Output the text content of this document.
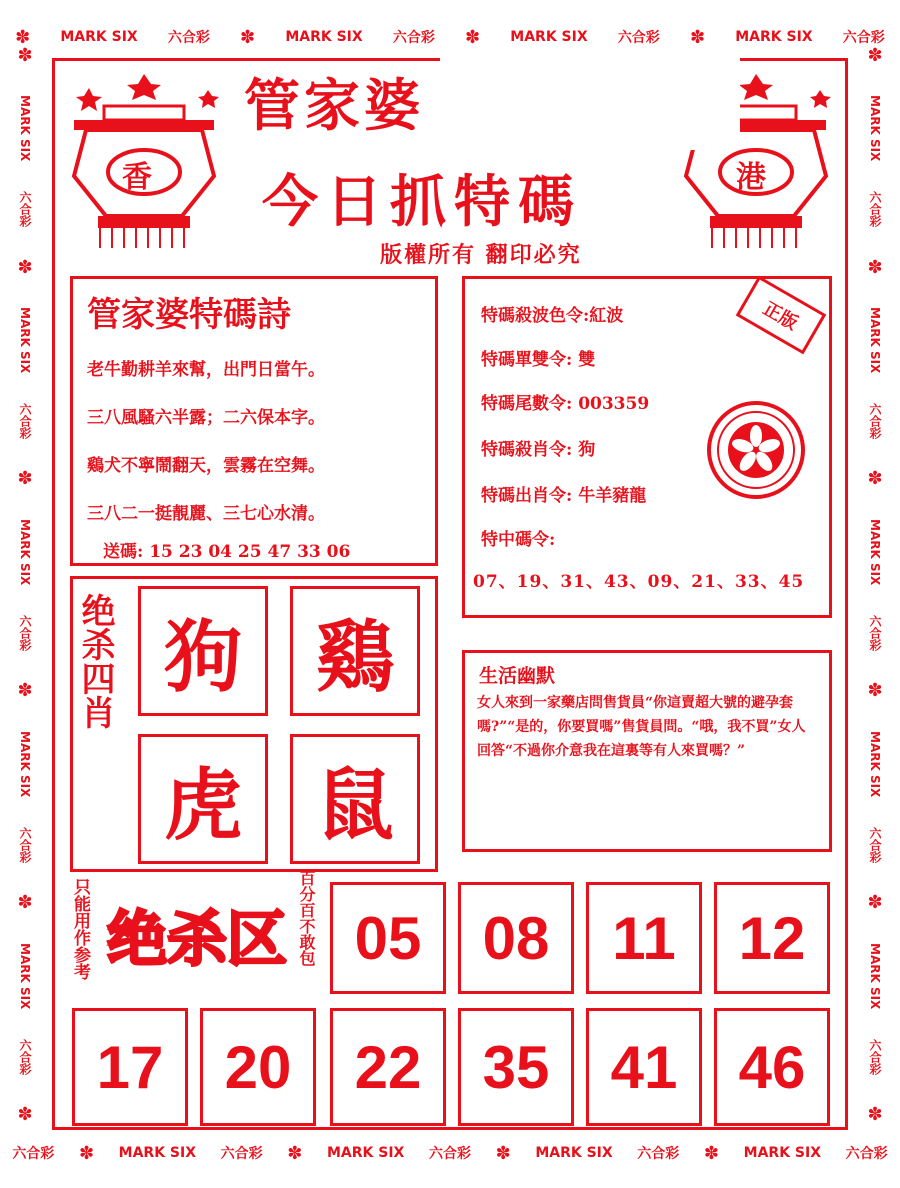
✽ MARK SIX 六合彩 ✽ MARK SIX 六合彩 ✽ MARK SIX 六合彩 ✽ MARK SIX 六合彩
六合彩 ✽ MARK SIX 六合彩 ✽ MARK SIX 六合彩 ✽ MARK SIX 六合彩 ✽ MARK SIX 六合彩
✽
MARK SIX
六合彩
✽
MARK SIX
六合彩
✽
MARK SIX
六合彩
✽
MARK SIX
六合彩
✽
MARK SIX
六合彩
✽
✽
MARK SIX
六合彩
✽
MARK SIX
六合彩
✽
MARK SIX
六合彩
✽
MARK SIX
六合彩
✽
MARK SIX
六合彩
✽
香	港
管家婆
今日抓特碼
版權所有 翻印必究
管家婆特碼詩
老牛勤耕羊來幫，出門日當午。
三八風騷六半露；二六保本字。
鷄犬不寧鬧翻天，雲霧在空舞。
三八二一挺靚麗、三七心水清。
送碼: 15 23 04 25 47 33 06
特碼殺波色令:紅波
特碼單雙令: 雙
特碼尾數令: 003359
特碼殺肖令: 狗
特碼出肖令: 牛羊豬龍
特中碼令:
07、19、31、43、09、21、33、45
正版
绝杀四肖 狗 鷄
虎 鼠
生活幽默
女人來到一家藥店問售貨員“你這賣超大號的避孕套嗎?”“是的，你要買嗎”售貨員問。“哦，我不買”女人回答“不過你介意我在這裏等有人來買嗎？”
只能用作参考 绝杀区 百分百不敢包 05	08	11	12
17	20	22	35	41	46
